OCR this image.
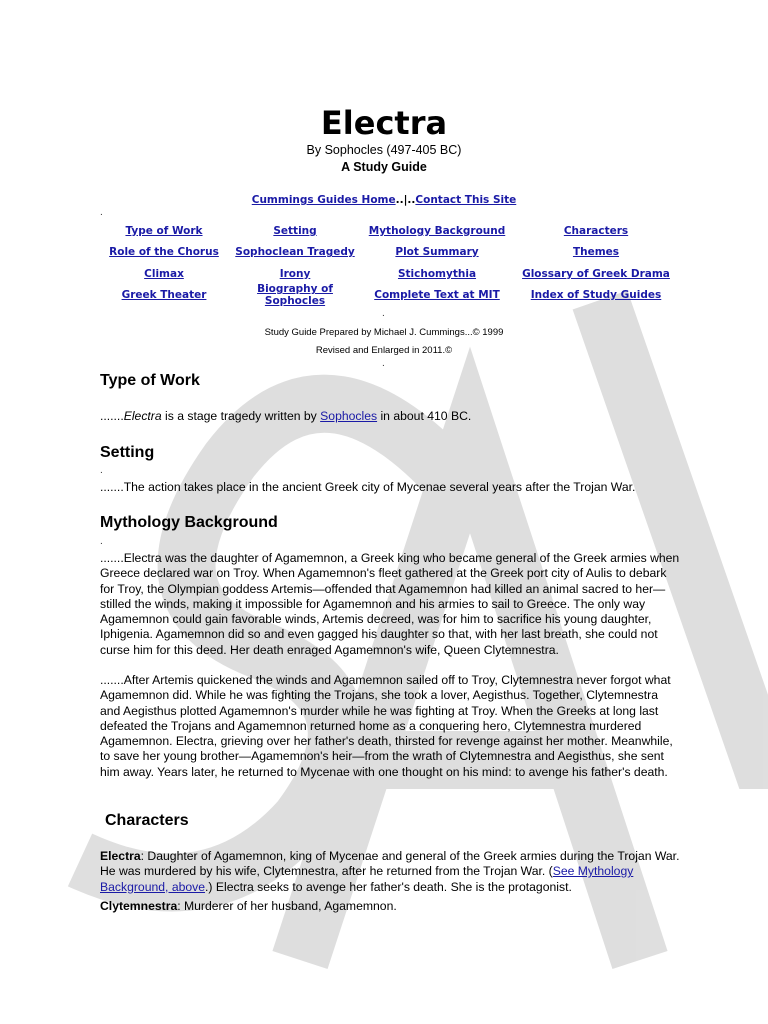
Electra
By Sophocles (497-405 BC)
A Study Guide
Cummings Guides Home..|..Contact This Site
.
Type of Work	Setting	Mythology Background	Characters
Role of the Chorus	Sophoclean Tragedy	Plot Summary	Themes
Climax	Irony	Stichomythia	Glossary of Greek Drama
Greek Theater	Biography of Sophocles	Complete Text at MIT	Index of Study Guides
.
Study Guide Prepared by Michael J. Cummings...© 1999
Revised and Enlarged in 2011.©
.
Type of Work
.......Electra is a stage tragedy written by Sophocles in about 410 BC.
Setting
.
.......The action takes place in the ancient Greek city of Mycenae several years after the Trojan War.
Mythology Background
.
.......Electra was the daughter of Agamemnon, a Greek king who became general of the Greek armies when Greece declared war on Troy. When Agamemnon's fleet gathered at the Greek port city of Aulis to debark for Troy, the Olympian goddess Artemis—offended that Agamemnon had killed an animal sacred to her—stilled the winds, making it impossible for Agamemnon and his armies to sail to Greece. The only way Agamemnon could gain favorable winds, Artemis decreed, was for him to sacrifice his young daughter, Iphigenia. Agamemnon did so and even gagged his daughter so that, with her last breath, she could not curse him for this deed. Her death enraged Agamemnon's wife, Queen Clytemnestra.
.......After Artemis quickened the winds and Agamemnon sailed off to Troy, Clytemnestra never forgot what Agamemnon did. While he was fighting the Trojans, she took a lover, Aegisthus. Together, Clytemnestra and Aegisthus plotted Agamemnon's murder while he was fighting at Troy. When the Greeks at long last defeated the Trojans and Agamemnon returned home as a conquering hero, Clytemnestra murdered Agamemnon. Electra, grieving over her father's death, thirsted for revenge against her mother. Meanwhile, to save her young brother—Agamemnon's heir—from the wrath of Clytemnestra and Aegisthus, she sent him away. Years later, he returned to Mycenae with one thought on his mind: to avenge his father's death.
Characters
Electra: Daughter of Agamemnon, king of Mycenae and general of the Greek armies during the Trojan War. He was murdered by his wife, Clytemnestra, after he returned from the Trojan War. (See Mythology Background, above.) Electra seeks to avenge her father's death. She is the protagonist.
Clytemnestra: Murderer of her husband, Agamemnon.
